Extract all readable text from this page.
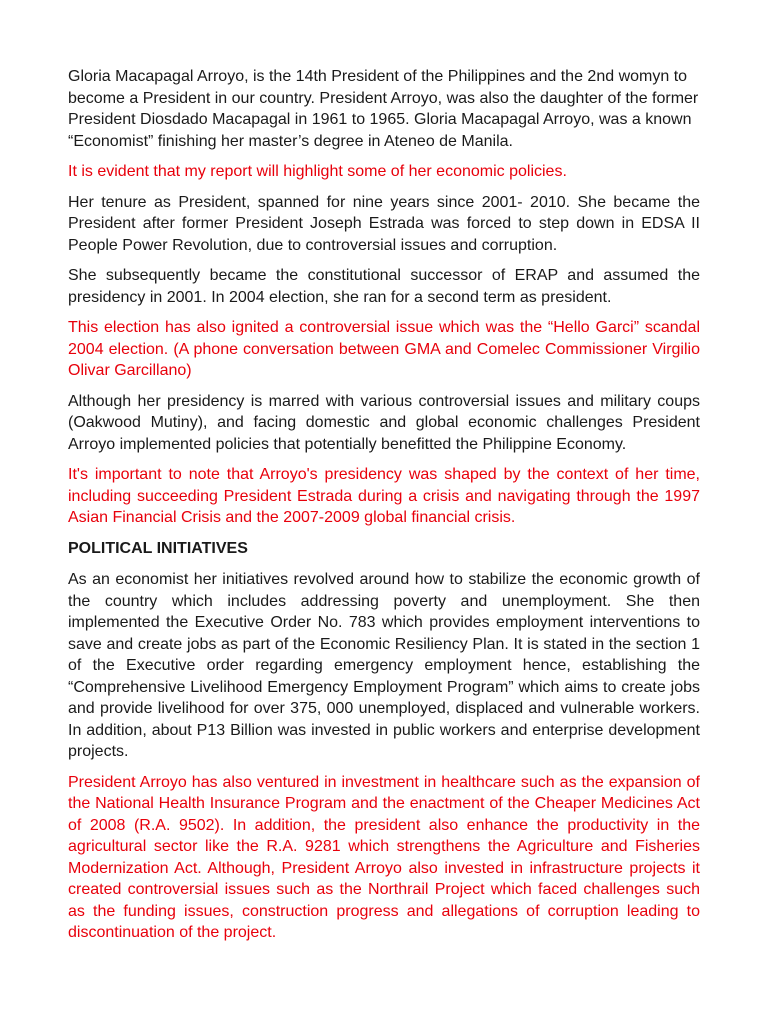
Gloria Macapagal Arroyo, is the 14th President of the Philippines and the 2nd womyn to become a President in our country. President Arroyo, was also the daughter of the former President Diosdado Macapagal in 1961 to 1965. Gloria Macapagal Arroyo, was a known “Economist” finishing her master’s degree in Ateneo de Manila.

It is evident that my report will highlight some of her economic policies.

Her tenure as President, spanned for nine years since 2001- 2010. She became the President after former President Joseph Estrada was forced to step down in EDSA II People Power Revolution, due to controversial issues and corruption.

She subsequently became the constitutional successor of ERAP and assumed the presidency in 2001. In 2004 election, she ran for a second term as president.

This election has also ignited a controversial issue which was the “Hello Garci” scandal 2004 election. (A phone conversation between GMA and Comelec Commissioner Virgilio Olivar Garcillano)

Although her presidency is marred with various controversial issues and military coups (Oakwood Mutiny), and facing domestic and global economic challenges President Arroyo implemented policies that potentially benefitted the Philippine Economy.

It's important to note that Arroyo's presidency was shaped by the context of her time, including succeeding President Estrada during a crisis and navigating through the 1997 Asian Financial Crisis and the 2007-2009 global financial crisis.

POLITICAL INITIATIVES

As an economist her initiatives revolved around how to stabilize the economic growth of the country which includes addressing poverty and unemployment. She then implemented the Executive Order No. 783 which provides employment interventions to save and create jobs as part of the Economic Resiliency Plan. It is stated in the section 1 of the Executive order regarding emergency employment hence, establishing the “Comprehensive Livelihood Emergency Employment Program” which aims to create jobs and provide livelihood for over 375, 000 unemployed, displaced and vulnerable workers. In addition, about P13 Billion was invested in public workers and enterprise development projects.

President Arroyo has also ventured in investment in healthcare such as the expansion of the National Health Insurance Program and the enactment of the Cheaper Medicines Act of 2008 (R.A. 9502). In addition, the president also enhance the productivity in the agricultural sector like the R.A. 9281 which strengthens the Agriculture and Fisheries Modernization Act. Although, President Arroyo also invested in infrastructure projects it created controversial issues such as the Northrail Project which faced challenges such as the funding issues, construction progress and allegations of corruption leading to discontinuation of the project.
